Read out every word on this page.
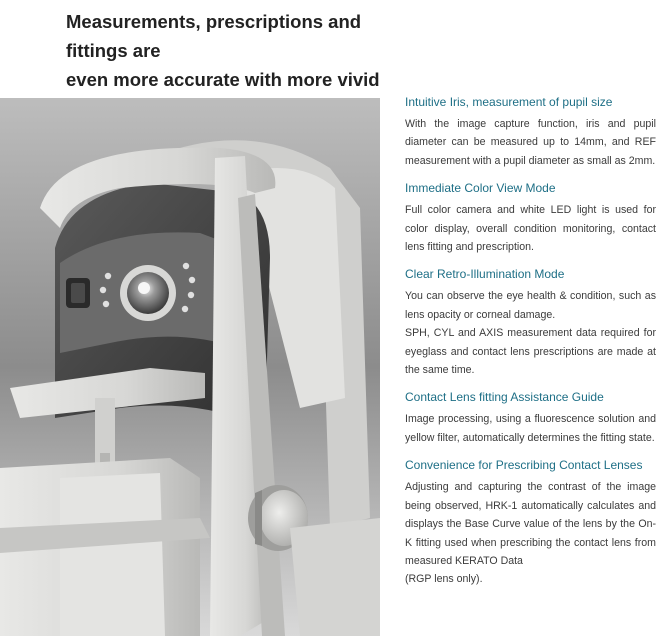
Measurements, prescriptions and fittings are
even more accurate with more vivid
Intuitive Iris, measurement of pupil size

With the image capture function, iris and pupil diameter can be measured up to 14mm, and REF measurement with a pupil diameter as small as 2mm.

Immediate Color View Mode

Full color camera and white LED light is used for color display, overall condition monitoring, contact lens fitting and prescription.

Clear Retro-Illumination Mode

You can observe the eye health & condition, such as lens opacity or corneal damage.

SPH, CYL and AXIS measurement data required for eyeglass and contact lens prescriptions are made at the same time.

Contact Lens fitting Assistance Guide

Image processing, using a fluorescence solution and yellow filter, automatically determines the fitting state.

Convenience for Prescribing Contact Lenses

Adjusting and capturing the contrast of the image being observed, HRK-1 automatically calculates and displays the Base Curve value of the lens by the On-K fitting used when prescribing the contact lens from measured KERATO Data

(RGP lens only).
